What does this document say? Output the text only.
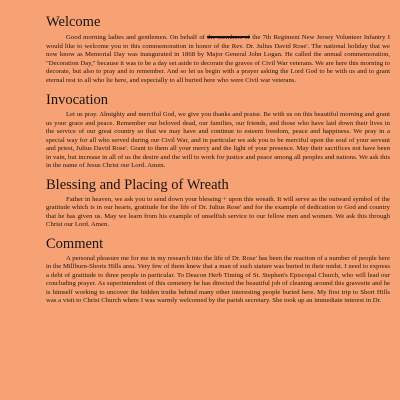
Welcome

Good morning ladies and gentlemen. On behalf of the members of the 7th Regiment New Jersey Volunteer Infantry I would like to welcome you to this commemoration in honor of the Rev. Dr. Julius David Rose'. The national holiday that we now know as Memorial Day was inaugurated in 1868 by Major General John Logan. He called the annual commemoration, "Decoration Day," because it was to be a day set aside to decorate the graves of Civil War veterans. We are here this morning to decorate, but also to pray and to remember. And so let us begin with a prayer asking the Lord God to be with us and to grant eternal rest to all who lie here, and especially to all buried here who were Civil war veterans.

Invocation

Let us pray. Almighty and merciful God, we give you thanks and praise. Be with us on this beautiful morning and grant us your grace and peace. Remember our beloved dead, our families, our friends, and those who have laid down their lives in the service of our great country so that we may have and continue to esteem freedom, peace and happiness. We pray in a special way for all who served during our Civil War, and in particular we ask you to be merciful upon the soul of your servant and priest, Julius David Rose'. Grant to them all your mercy and the light of your presence. May their sacrifices not have been in vain, but increase in all of us the desire and the will to work for justice and peace among all peoples and nations. We ask this in the name of Jesus Christ our Lord. Amen.

Blessing and Placing of Wreath

Father in heaven, we ask you to send down your blessing + upon this wreath. It will serve as the outward symbol of the gratitude which is in our hearts, gratitude for the life of Dr. Julius Rose' and for the example of dedication to God and country that he has given us. May we learn from his example of unselfish service to our fellow men and women. We ask this through Christ our Lord. Amen.

Comment

A personal pleasure me for me in my research into the life of Dr. Rose' has been the reaction of a number of people here in the Millburn-Shorts Hills area. Very few of them knew that a man of such stature was buried in their midst. I need to express a debt of gratitude to three people in particular. To Deacon Herb Timing of St. Stephen's Episcopal Church, who will lead our concluding prayer. As superintendent of this cemetery he has directed the beautiful job of cleaning around this gravesite and he is himself working to uncover the hidden truths behind many other interesting people buried here. My first trip to Short Hills was a visit to Christ Church where I was warmly welcomed by the parish secretary. She took up an immediate interest in Dr.
